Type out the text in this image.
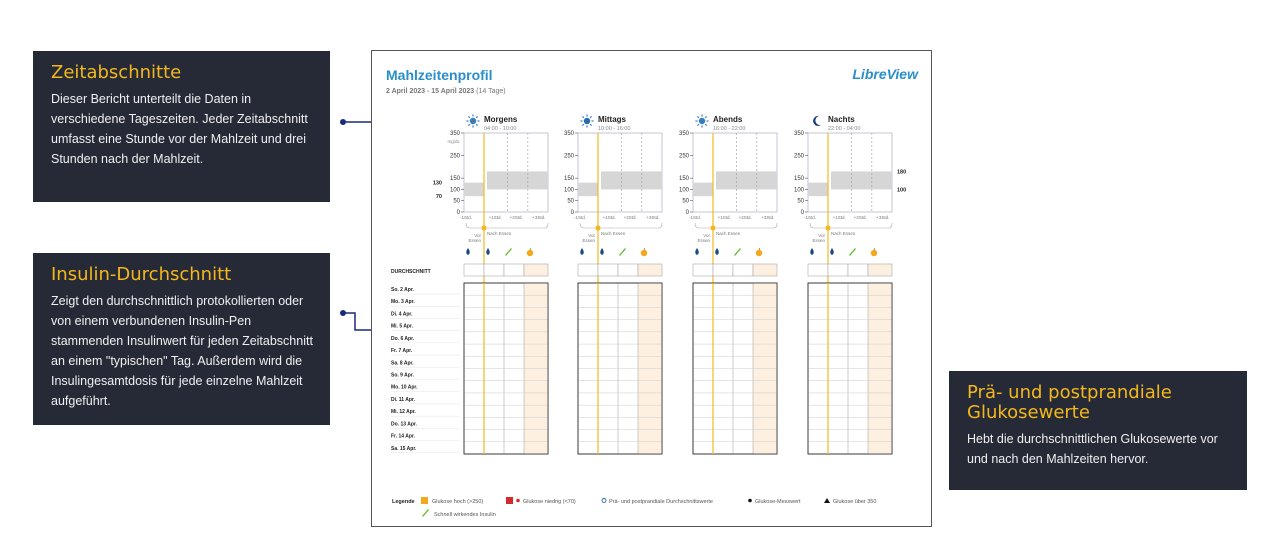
Zeitabschnitte

Dieser Bericht unterteilt die Daten in verschiedene Tageszeiten. Jeder Zeitabschnitt umfasst eine Stunde vor der Mahlzeit und drei Stunden nach der Mahlzeit.

Insulin-Durchschnitt

Zeigt den durchschnittlich protokollierten oder von einem verbundenen Insulin-Pen stammenden Insulinwert für jeden Zeitabschnitt an einem "typischen" Tag. Außerdem wird die Insulingesamtdosis für jede einzelne Mahlzeit aufgeführt.	Prä- und postprandiale Glukosewerte

Hebt die durchschnittlichen Glukosewerte vor und nach den Mahlzeiten hervor.

Mahlzeitenprofil	LibreView
2 April 2023 - 15 April 2023 (14 Tage)
Morgens
04:00 - 10:00
350
250
150
100
50
0
mg/dL
130
70
-1Std.	+1Std. +2Std. +3Std.
Vor
Essen
Nach Essen
Mittags
10:00 - 16:00
350
250
150
100
50
0
-1Std.	+1Std. +2Std. +3Std.
Vor
Essen
Nach Essen
Abends
16:00 - 22:00
350
250
150
100
50
0
-1Std.	+1Std. +2Std. +3Std.
Vor
Essen
Nach Essen
Nachts
22:00 - 04:00
350
250
150
100
50
0
180
100
-1Std.	+1Std. +2Std. +3Std.
Vor
Essen
Nach Essen
DURCHSCHNITT
So. 2 Apr.
Mo. 3 Apr.
Di. 4 Apr.
Mi. 5 Apr.
Do. 6 Apr.
Fr. 7 Apr.
Sa. 8 Apr.
So. 9 Apr.
Mo. 10 Apr.
Di. 11 Apr.
Mi. 12 Apr.
Do. 13 Apr.
Fr. 14 Apr.
Sa. 15 Apr.
Legende	Glukose hoch (>250)	Glukose niedrig (<70)	Prä- und postprandiale Durchschnittswerte	Glukose-Messwert	Glukose über 350
Schnell wirkendes Insulin
